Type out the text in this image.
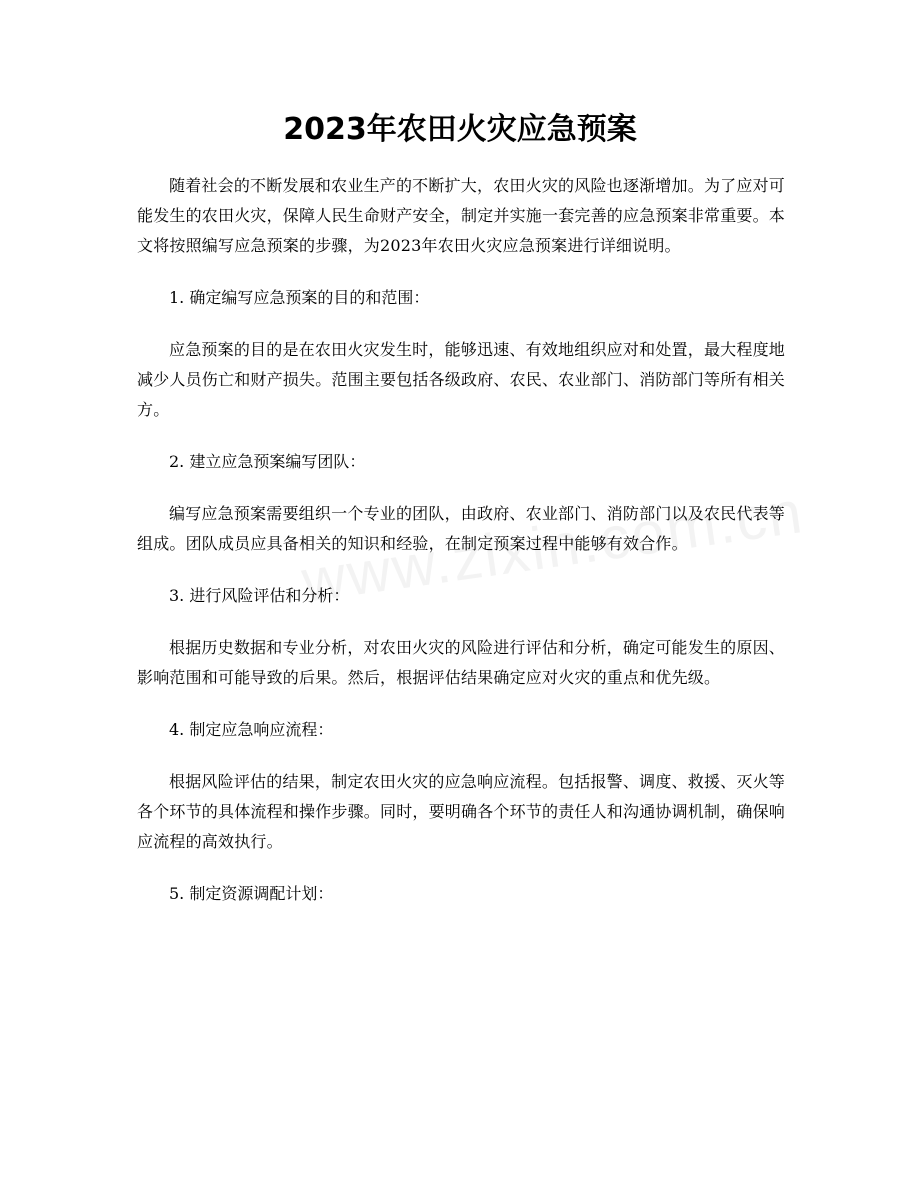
2023年农田火灾应急预案

随着社会的不断发展和农业生产的不断扩大，农田火灾的风险也逐渐增加。为了应对可能发生的农田火灾，保障人民生命财产安全，制定并实施一套完善的应急预案非常重要。本文将按照编写应急预案的步骤，为2023年农田火灾应急预案进行详细说明。

1. 确定编写应急预案的目的和范围：

应急预案的目的是在农田火灾发生时，能够迅速、有效地组织应对和处置，最大程度地减少人员伤亡和财产损失。范围主要包括各级政府、农民、农业部门、消防部门等所有相关方。

2. 建立应急预案编写团队：

编写应急预案需要组织一个专业的团队，由政府、农业部门、消防部门以及农民代表等组成。团队成员应具备相关的知识和经验，在制定预案过程中能够有效合作。

3. 进行风险评估和分析：

根据历史数据和专业分析，对农田火灾的风险进行评估和分析，确定可能发生的原因、影响范围和可能导致的后果。然后，根据评估结果确定应对火灾的重点和优先级。

4. 制定应急响应流程：

根据风险评估的结果，制定农田火灾的应急响应流程。包括报警、调度、救援、灭火等各个环节的具体流程和操作步骤。同时，要明确各个环节的责任人和沟通协调机制，确保响应流程的高效执行。

5. 制定资源调配计划：
